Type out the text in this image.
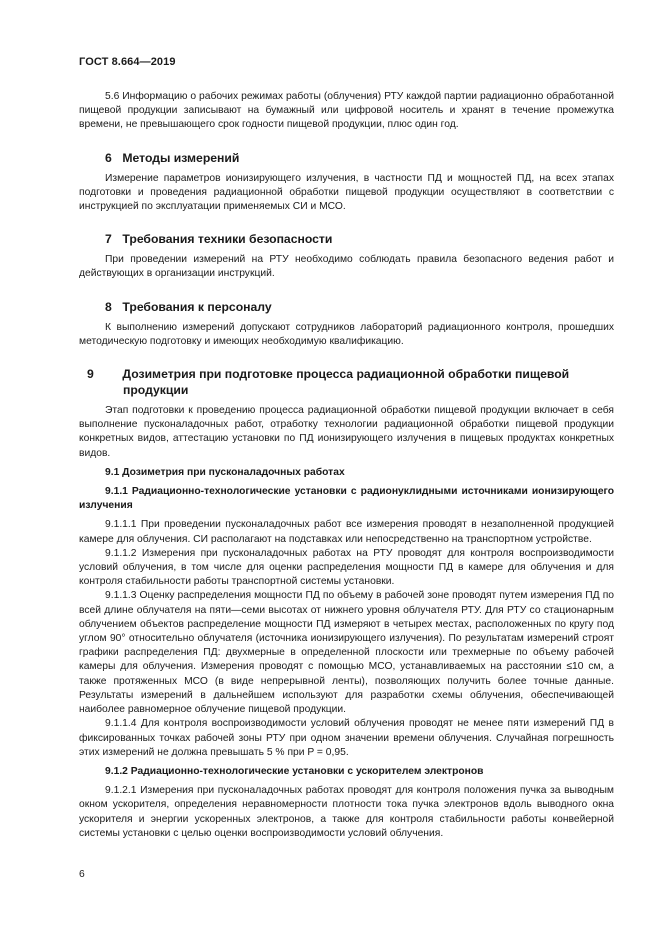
ГОСТ 8.664—2019

5.6 Информацию о рабочих режимах работы (облучения) РТУ каждой партии радиационно обработанной пищевой продукции записывают на бумажный или цифровой носитель и хранят в течение промежутка времени, не превышающего срок годности пищевой продукции, плюс один год.

6 Методы измерений

Измерение параметров ионизирующего излучения, в частности ПД и мощностей ПД, на всех этапах подготовки и проведения радиационной обработки пищевой продукции осуществляют в соответствии с инструкцией по эксплуатации применяемых СИ и МСО.

7 Требования техники безопасности

При проведении измерений на РТУ необходимо соблюдать правила безопасного ведения работ и действующих в организации инструкций.

8 Требования к персоналу

К выполнению измерений допускают сотрудников лабораторий радиационного контроля, прошедших методическую подготовку и имеющих необходимую квалификацию.

9 Дозиметрия при подготовке процесса радиационной обработки пищевой продукции

Этап подготовки к проведению процесса радиационной обработки пищевой продукции включает в себя выполнение пусконаладочных работ, отработку технологии радиационной обработки пищевой продукции конкретных видов, аттестацию установки по ПД ионизирующего излучения в пищевых продуктах конкретных видов.

9.1 Дозиметрия при пусконаладочных работах
9.1.1 Радиационно-технологические установки с радионуклидными источниками ионизирующего излучения

9.1.1.1 При проведении пусконаладочных работ все измерения проводят в незаполненной продукцией камере для облучения. СИ располагают на подставках или непосредственно на транспортном устройстве.

9.1.1.2 Измерения при пусконаладочных работах на РТУ проводят для контроля воспроизводимости условий облучения, в том числе для оценки распределения мощности ПД в камере для облучения и для контроля стабильности работы транспортной системы установки.

9.1.1.3 Оценку распределения мощности ПД по объему в рабочей зоне проводят путем измерения ПД по всей длине облучателя на пяти—семи высотах от нижнего уровня облучателя РТУ. Для РТУ со стационарным облучением объектов распределение мощности ПД измеряют в четырех местах, расположенных по кругу под углом 90° относительно облучателя (источника ионизирующего излучения). По результатам измерений строят графики распределения ПД: двухмерные в определенной плоскости или трехмерные по объему рабочей камеры для облучения. Измерения проводят с помощью МСО, устанавливаемых на расстоянии ≤10 см, а также протяженных МСО (в виде непрерывной ленты), позволяющих получить более точные данные. Результаты измерений в дальнейшем используют для разработки схемы облучения, обеспечивающей наиболее равномерное облучение пищевой продукции.

9.1.1.4 Для контроля воспроизводимости условий облучения проводят не менее пяти измерений ПД в фиксированных точках рабочей зоны РТУ при одном значении времени облучения. Случайная погрешность этих измерений не должна превышать 5 % при P = 0,95.

9.1.2 Радиационно-технологические установки с ускорителем электронов

9.1.2.1 Измерения при пусконаладочных работах проводят для контроля положения пучка за выводным окном ускорителя, определения неравномерности плотности тока пучка электронов вдоль выводного окна ускорителя и энергии ускоренных электронов, а также для контроля стабильности работы конвейерной системы установки с целью оценки воспроизводимости условий облучения.

6
